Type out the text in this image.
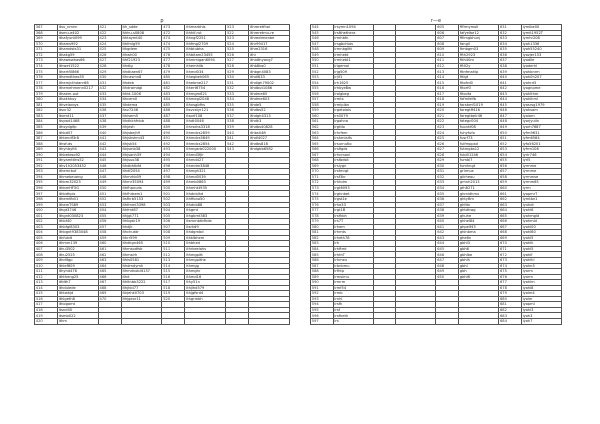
p
367	itsu_nmnn	421	ith_sdde	473	ithmarbhis	523	ithreretfhoi
368	itsmu-e402	422	ithhu-s0808	472	ithhif-rut	522	ithreretmu-re
369	ithafyunt099	423	ithtaymt40	474	ithngf2251	523	ithreetmenbe
370	ithams992	424	ithfmlg59	474	ithfmgl2709	524	ithr99417
371	ithamdsts31	425	ithgdem	475	ithbtubha	525	ithre2316
372	ithakg59	426	ithwh00	476	ithbitam23455	526	ithi
373	ithawbwhas66	427	ithf21923	477	ithmmigan6094	527	ithidthyong7
374	ithwet1522	428	ithdlg	478	ithemhilb	528	ithb8bs0
375	ithertf0866	429	ithdkaen67	479	ithmd034	529	ithbgn4083
376	ithemdtheo55	430	ithcasmn8	480	ithegbeh065	530	ithdl633
377	ithemjcthdanr68	431	ithdeb	481	ithebme217	531	ithdigh79002
378	ithemehmenn0217	432	ithdramdgi	482	ithert6754	532	ithdbut1086
379	ithaem-out	433	ithld-1006	483	ithmgm621	533	ithdme65
380	ithakhkuy	434	ithcem0	484	ithmegi2048	534	ithdme603
381	ithvelaroys	435	ithdema	485	ithnsgbfhs	535	ithde5
382	itsvr32	436	itsv7246	486	itsvcstyr121	536	ithdbs52
383	itsrmt11	437	ithisem5	487	itsorf108	537	ithdgh4313
384	itsywd1468	438	ithdkkhfnbb	488	ithdt0046	538	ithdk3
385	ithsydgifp	439	ithjesh	489	ithrsdns3318	539	ithdbs40828
386	ithbd07	440	ithjsbejh9	490	ithmdcs2859	540	ithbs04ft
387	ithtendf3r8	441	ithjskshm43	491	ithmdcs5849	541	ithdl4027
388	ithsfuts	442	ithjsk54	492	ithmdcs2854	542	ithdbs818
389	ithyhbyfi4	443	ithjsmb38	493	ithmgsrb022000	543	ithdgbb6582
390	ithbeteso92	444	ithjsanh39	494	ithmd3fjlr		
391	ithyamttlhs52	445	ithjsuo38	495	ithmd427		
392	ithv1h2053452	446	ithdbhtbfd	496	ithmdm3848		
393	ithemrbuf	447	ithdf2054	497	ithmgh321		
394	ithmebeueng	448	ithmrhb09	498	ithmd0039		
395	ithbm32023	449	ithmr35094	499	ithmb0863		
396	ithbmHF5G	450	ithfhpnuds	500	ithmhkt935		
397	ithbdhpis	451	ithfhrbem1	501	ithdnblhd		
398	ithemlfb01	452	itsfhrb5153	502	ithffono50		
399	ithemTS89	453	ithfmml3398	503	ithdnb88		
400	ithgt3746	454	ithfmt87	504	ithgmt		
401	ithgnt030823	455	ithjgt771	505	ithgbmt383		
402	ithbf40	456	ithkgsk19	506	itsmrnbtbfhde		
403	ithbfgl8303	457	ithdjk	507	itsrkd9		
404	ithbgnt9383048	458	ithchutdr	508	ithdgmbd		
405	ithfutdt	459	ithrr599	509	ithklbhem		
406	ithmm139	460	ithdkgn465	510	ithbhed		
407	ithu3502	461	ithmsodfsb	511	ithrkeeiahs		
408	ithu2525	462	ithmslrh	512	ithmgpltt		
409	ithdlfgp	463	ithis0581	513	ithmgplthe		
410	ithlef809	464	ithdmdymh	514	ithmgg		
411	ithyhd476	465	ithmdnobilt137	515	ithmghr		
412	iththeng25	466	ithd	516	ithmd16		
413	itfdth7	467	ithltnbb3222	517	ithy51n		
414	ithdulede	468	ithjhbl77	518	ithjlhd579		
415	ithtwhjd	469	ithjehk0703	519	ithjgfsrd4		
416	ithlgeth8	470	ithjgeor11	520	ithgrmbh		
417	ithogamt						
418	itsnd00						
419	itsmb022						
420	ithm						
r—e
544	irsymn1094			605	fffrmymoll	631	iymlbe00
545	irsfthethera			606	fafyelbe12	632	iymit1952T
546	irmhbfn			607	ffilmgbhunj	633	iymhr208
547	irsgbchtas			608	fangli	634	iyoh1336
548	irmnbglitt			609	fimbgm03	635	iyoh55240
549	irmhetd			610	ffth2923	636	iyozjer153
550	irmhetd1			611	fith40m	637	iyodlle
551	irigemol			612	fft02y	638	iyoderhl
552	irjg509			613	fitnfmahlp	639	iyohbnrm
553	irjif1			614	fitlgt	640	iyoh0h207
554	irh1625			615	fitofrd0	641	iyohrd3
555	irhbyeBw			616	fitorf0	642	iyognpme
556	irolgbeg			617	fitovfa	643	iyohlthm
557	irmts			618	fofmfelfb	644	iyohlhml
558	irmlpibn			619	forsbmf1019	645	iyosrsg1979
559	irgetolals			620	foregtff416	646	iyohsam
560	irs5079			621	foregtbelr46	647	iyoiom
561	irgahna			622	fotegc004	648	iyorjyuiln
562	irgfdo			623	fuonkf08	649	iyorh7687
563	irhrfem			624	fuhyfufo	650	iyfm9631
564	irshmlaifs			625	fusrf73	651	iyfm6564
565	irsurnutlo			626	fulfmppsd	652	iyfo56201
566	irsfigds			627	futmgbs12	653	iyfrm106
567	irhnmonl			628	fubi01246	654	iyrir746
568	irsfbdsit			629	fumbl7	655	iyrl5
569	irsiygn			630	fumhngt	656	iyrmme
570	irsfmrgt			631	grirmus	657	iyrmme
571	irsf3kr			632	giirheou	658	iyrmmse
572	irhhdm			633	grhnh2013	659	iyrmm65
573	irgt6093			634	gfn8271	660	iyrm
574	irghnbet			635	ghmidhmu	661	iyopmrT
575	irgst1e			636	ghtyBm	662	iymtbn1
576	irhe33			637	ghfdn	663	iyuhdr
577	irgt1B			638	ghtdhwg	664	iyohl6
578	irsfhbh			639	ghuhe	665	iyohmgld
579	irs7T			640	ghhel84	666	iyohmld
580	irhem			641	ghpelf45	667	iyohl00
581	irhmts			642	ghlnbma	668	iyohl60
582	irheth78			643	ghe6n	669	iyohl5
583	irh			644	gbhl3	670	iyohlh
584	irhftmt			645	gbh6	671	iyohl5
585	irhthT			646	gbhlbe	672	iyohlf
586	irhmeu			647	gbhlh	673	iyohlhl
587	irbnbmu			648	gbhl	674	iyohn5
588	irfhtp			649	gbh	675	iyorm
589	irmsimu			650	gbhl6	676	iyorm
590	irmrm					677	iyohlm
591	irmf54					678	iyohl8
592	irmb					679	iyolm4
593	irnhl					680	iyolm
594	irsfh					681	iyopml
595	irsf					682	iyohl3
596	irsfheth					683	iyoh3
597	irs					684	iyoh7
